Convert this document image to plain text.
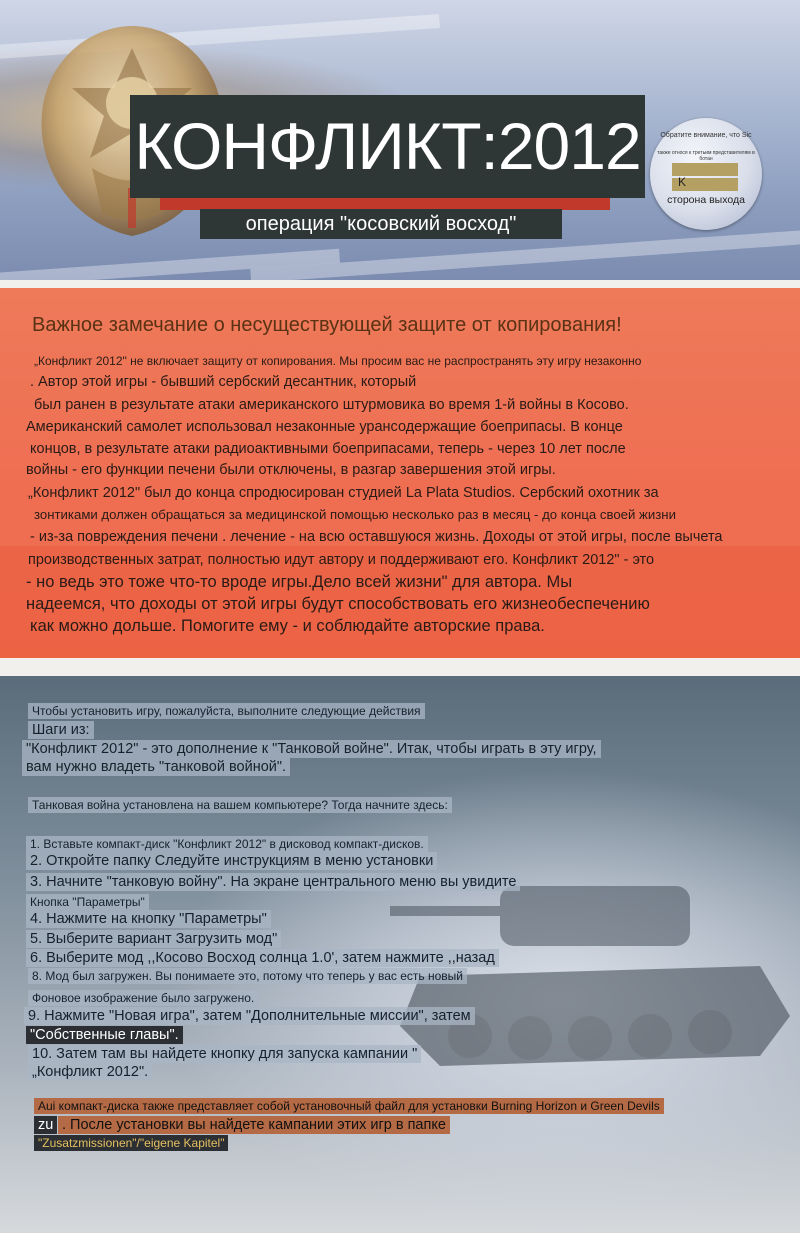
КОНФЛИКТ:2012
операция "косовский восход"
Обратите внимание, что Sic
также относя к третьим представителям в ботан
K
сторона выхода
Важное замечание о несуществующей защите от копирования!
„Конфликт 2012" не включает защиту от копирования. Мы просим вас не распространять эту игру незаконно
. Автор этой игры - бывший сербский десантник, который
был ранен в результате атаки американского штурмовика во время 1-й войны в Косово.
Американский самолет использовал незаконные урансодержащие боеприпасы. В конце
концов, в результате атаки радиоактивными боеприпасами, теперь - через 10 лет после
войны - его функции печени были отключены, в разгар завершения этой игры.
„Конфликт 2012" был до конца спродюсирован студией La Plata Studios. Сербский охотник за
зонтиками должен обращаться за медицинской помощью несколько раз в месяц - до конца своей жизни
- из-за повреждения печени . лечение - на всю оставшуюся жизнь. Доходы от этой игры, после вычета
производственных затрат, полностью идут автору и поддерживают его. Конфликт 2012" - это
- но ведь это тоже что-то вроде игры.Дело всей жизни" для автора. Мы
надеемся, что доходы от этой игры будут способствовать его жизнеобеспечению
как можно дольше. Помогите ему - и соблюдайте авторские права.
Чтобы установить игру, пожалуйста, выполните следующие действия
Шаги из:
"Конфликт 2012" - это дополнение к "Танковой войне". Итак, чтобы играть в эту игру,
вам нужно владеть "танковой войной".
Танковая война установлена на вашем компьютере? Тогда начните здесь:
1. Вставьте компакт-диск "Конфликт 2012" в дисковод компакт-дисков.
2. Откройте папку Следуйте инструкциям в меню установки
3. Начните "танковую войну". На экране центрального меню вы увидите
Кнопка "Параметры"
4. Нажмите на кнопку "Параметры"
5. Выберите вариант Загрузить мод"
6. Выберите мод ,,Косово Восход солнца 1.0', затем нажмите ,,назад
8. Мод был загружен. Вы понимаете это, потому что теперь у вас есть новый
Фоновое изображение было загружено.
9. Нажмите "Новая игра", затем "Дополнительные миссии", затем
"Собственные главы".
10. Затем там вы найдете кнопку для запуска кампании "
„Конфликт 2012".
Aui компакт-диска также представляет собой установочный файл для установки Burning Horizon и Green Devils
zu . После установки вы найдете кампании этих игр в папке
"Zusatzmissionen"/"eigene Kapitel"
